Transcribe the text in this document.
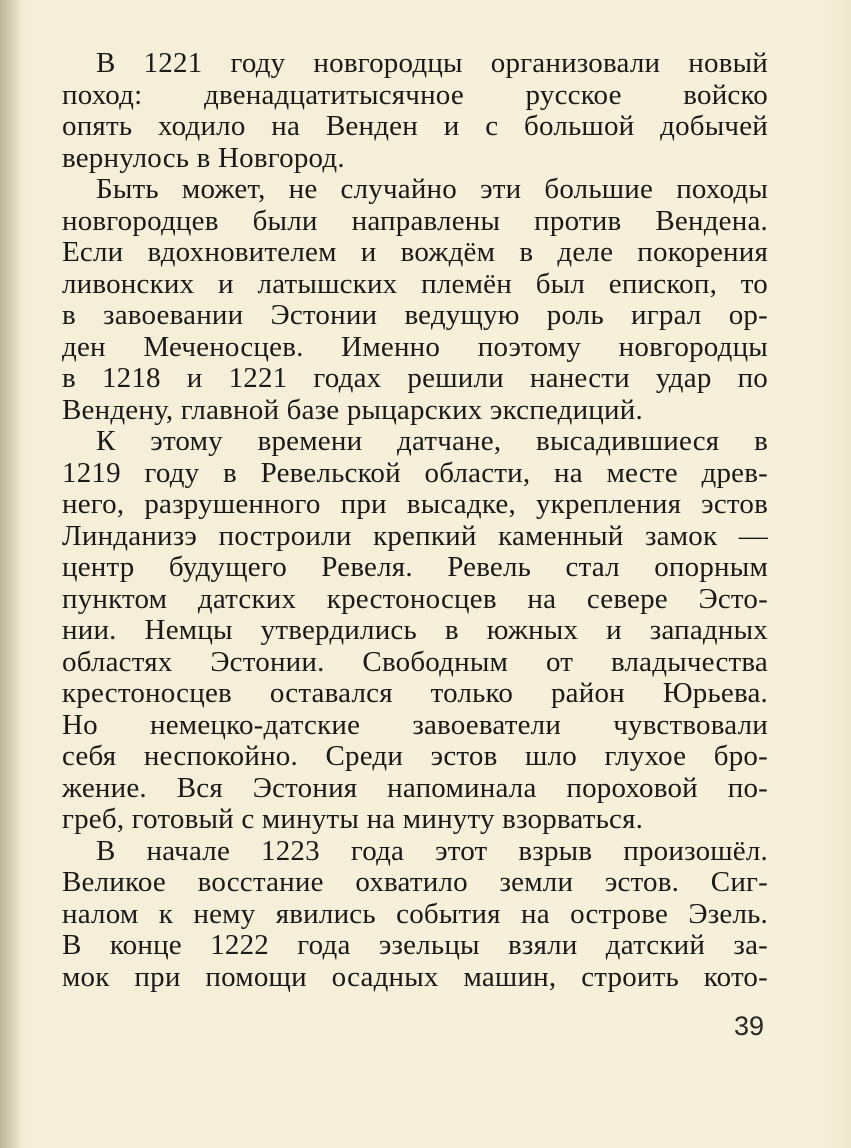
В 1221 году новгородцы организовали новый
поход: двенадцатитысячное русское войско
опять ходило на Венден и с большой добычей
вернулось в Новгород.
Быть может, не случайно эти большие походы
новгородцев были направлены против Вендена.
Если вдохновителем и вождём в деле покорения
ливонских и латышских племён был епископ, то
в завоевании Эстонии ведущую роль играл ор-
ден Меченосцев. Именно поэтому новгородцы
в 1218 и 1221 годах решили нанести удар по
Вендену, главной базе рыцарских экспедиций.
К этому времени датчане, высадившиеся в
1219 году в Ревельской области, на месте древ-
него, разрушенного при высадке, укрепления эстов
Линданизэ построили крепкий каменный замок —
центр будущего Ревеля. Ревель стал опорным
пунктом датских крестоносцев на севере Эсто-
нии. Немцы утвердились в южных и западных
областях Эстонии. Свободным от владычества
крестоносцев оставался только район Юрьева.
Но немецко-датские завоеватели чувствовали
себя неспокойно. Среди эстов шло глухое бро-
жение. Вся Эстония напоминала пороховой по-
греб, готовый с минуты на минуту взорваться.
В начале 1223 года этот взрыв произошёл.
Великое восстание охватило земли эстов. Сиг-
налом к нему явились события на острове Эзель.
В конце 1222 года эзельцы взяли датский за-
мок при помощи осадных машин, строить кото-
39
